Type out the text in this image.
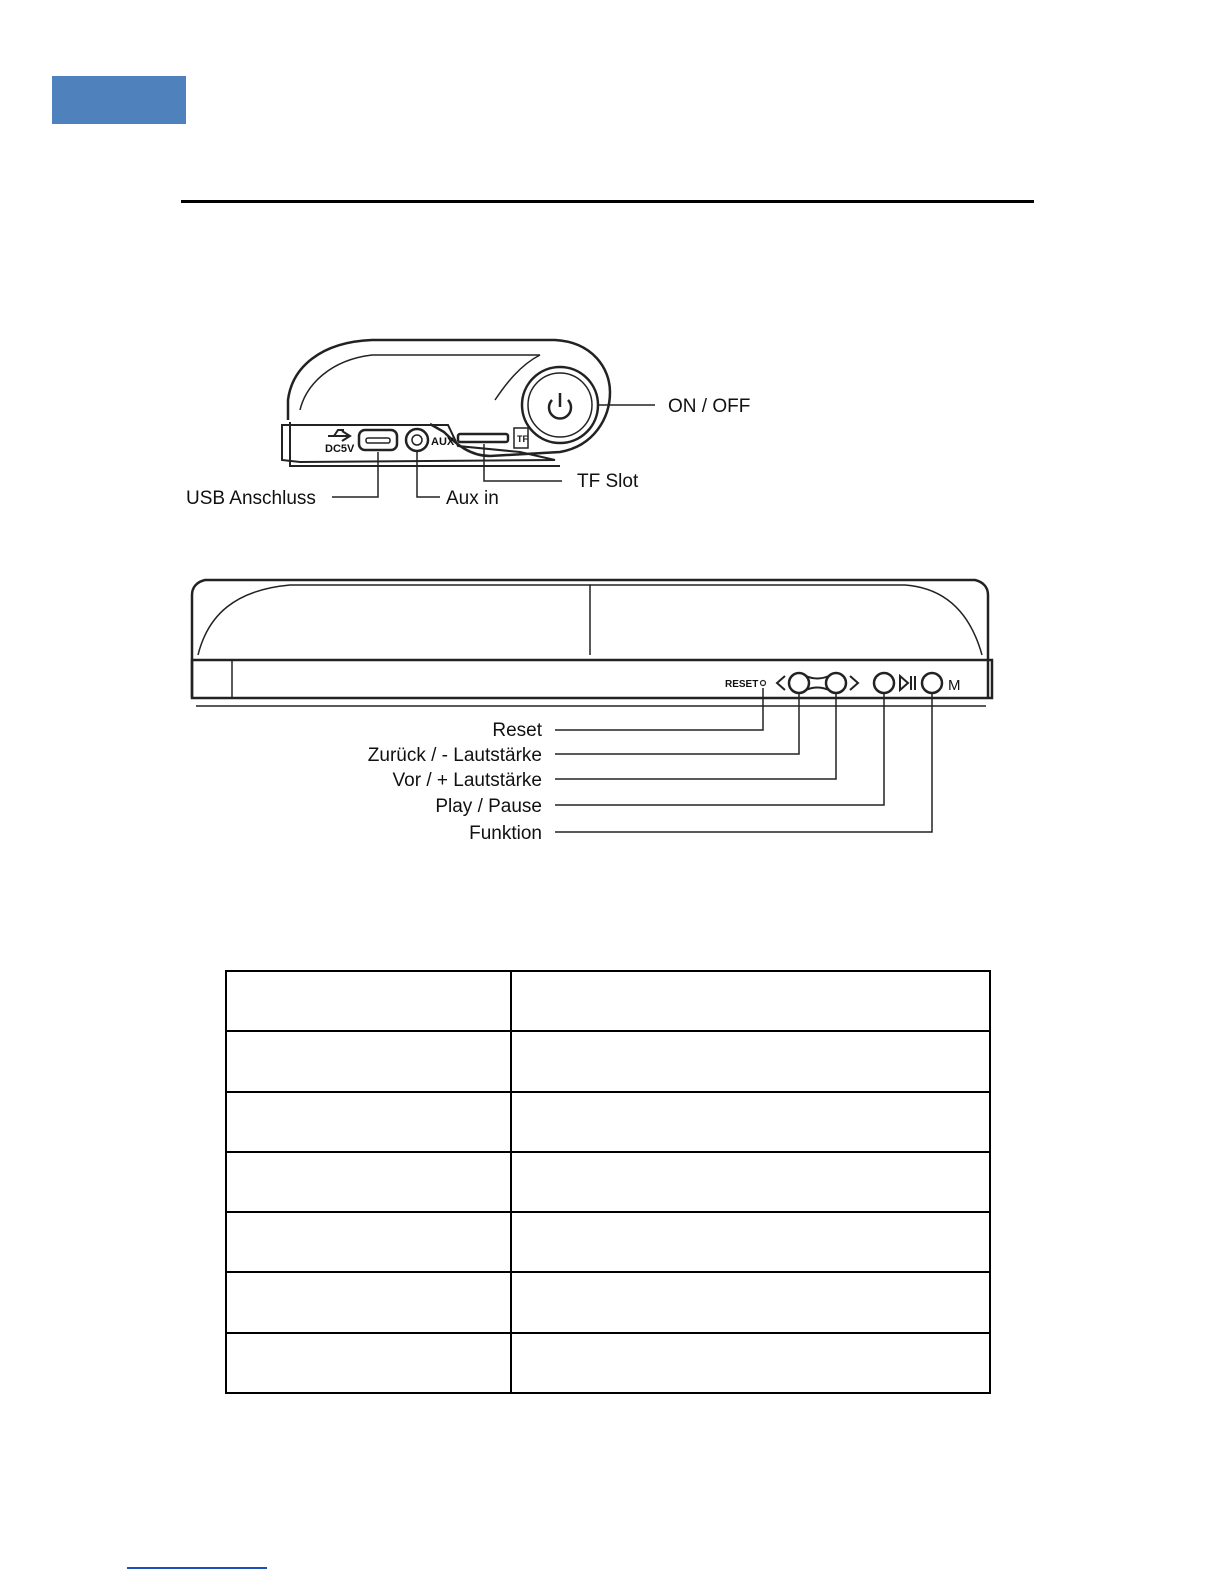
DC5V
AUX	TF
RESET	M
ON / OFF
USB Anschluss	Aux in
TF Slot
Reset
Zurück / - Lautstärke
Vor / + Lautstärke
Play / Pause
Funktion
